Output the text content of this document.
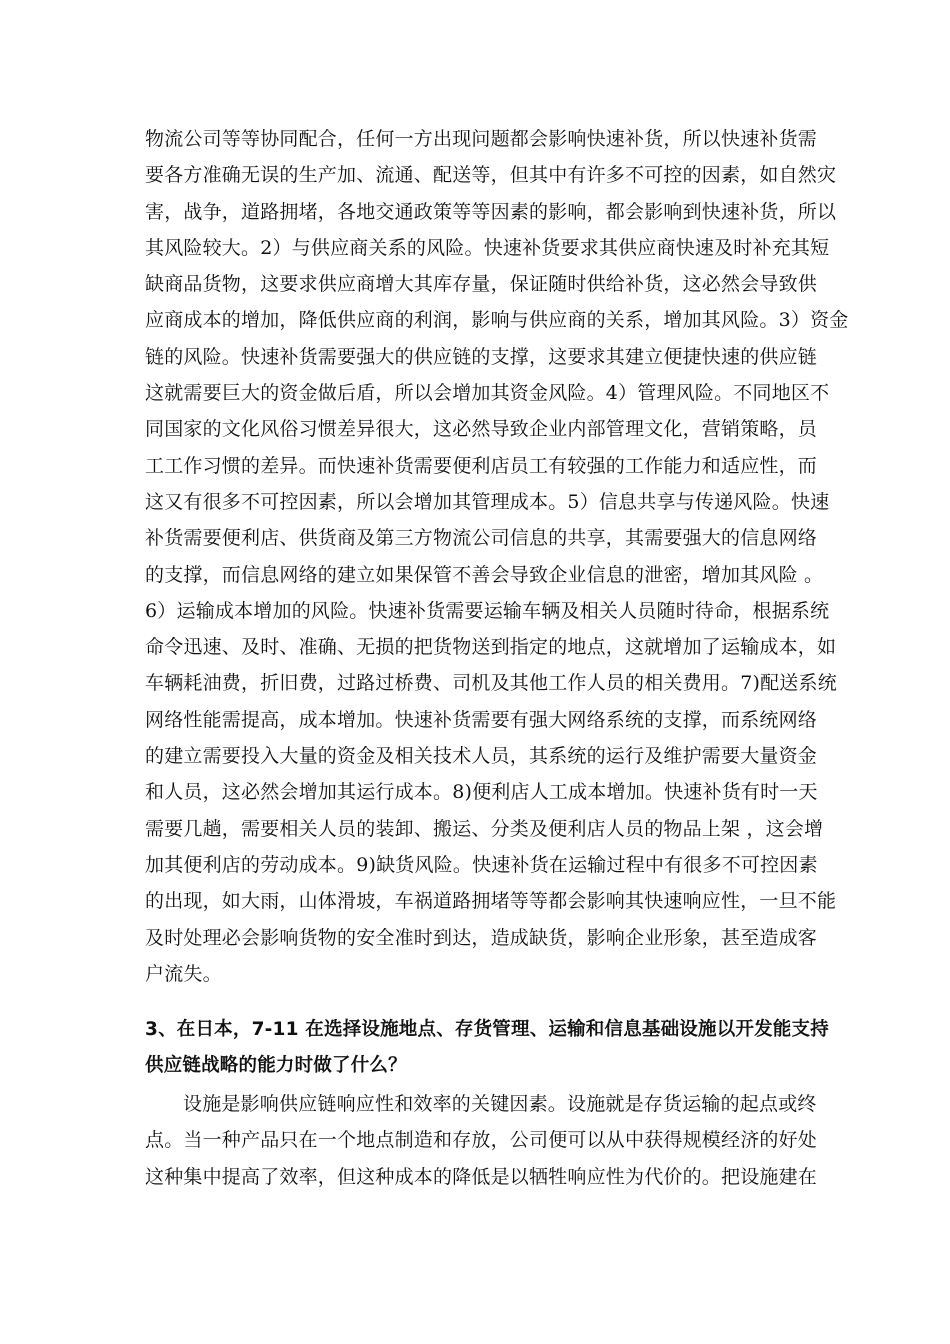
物流公司等等协同配合，任何一方出现问题都会影响快速补货，所以快速补货需
要各方准确无误的生产加、流通、配送等，但其中有许多不可控的因素，如自然灾
害，战争，道路拥堵，各地交通政策等等因素的影响，都会影响到快速补货，所以
其风险较大。2）与供应商关系的风险。快速补货要求其供应商快速及时补充其短
缺商品货物，这要求供应商增大其库存量，保证随时供给补货，这必然会导致供
应商成本的增加，降低供应商的利润，影响与供应商的关系，增加其风险。3）资金
链的风险。快速补货需要强大的供应链的支撑，这要求其建立便捷快速的供应链
这就需要巨大的资金做后盾，所以会增加其资金风险。4）管理风险。不同地区不
同国家的文化风俗习惯差异很大，这必然导致企业内部管理文化，营销策略，员
工工作习惯的差异。而快速补货需要便利店员工有较强的工作能力和适应性，而
这又有很多不可控因素，所以会增加其管理成本。5）信息共享与传递风险。快速
补货需要便利店、供货商及第三方物流公司信息的共享，其需要强大的信息网络
的支撑，而信息网络的建立如果保管不善会导致企业信息的泄密，增加其风险 。
6）运输成本增加的风险。快速补货需要运输车辆及相关人员随时待命，根据系统
命令迅速、及时、准确、无损的把货物送到指定的地点，这就增加了运输成本，如
车辆耗油费，折旧费，过路过桥费、司机及其他工作人员的相关费用。7)配送系统
网络性能需提高，成本增加。快速补货需要有强大网络系统的支撑，而系统网络
的建立需要投入大量的资金及相关技术人员，其系统的运行及维护需要大量资金
和人员，这必然会增加其运行成本。8)便利店人工成本增加。快速补货有时一天
需要几趟，需要相关人员的装卸、搬运、分类及便利店人员的物品上架 ，这会增
加其便利店的劳动成本。9)缺货风险。快速补货在运输过程中有很多不可控因素
的出现，如大雨，山体滑坡，车祸道路拥堵等等都会影响其快速响应性，一旦不能
及时处理必会影响货物的安全准时到达，造成缺货，影响企业形象，甚至造成客
户流失。
3、在日本，7-11 在选择设施地点、存货管理、运输和信息基础设施以开发能支持
供应链战略的能力时做了什么？
设施是影响供应链响应性和效率的关键因素。设施就是存货运输的起点或终
点。当一种产品只在一个地点制造和存放，公司便可以从中获得规模经济的好处
这种集中提高了效率，但这种成本的降低是以牺牲响应性为代价的。把设施建在
